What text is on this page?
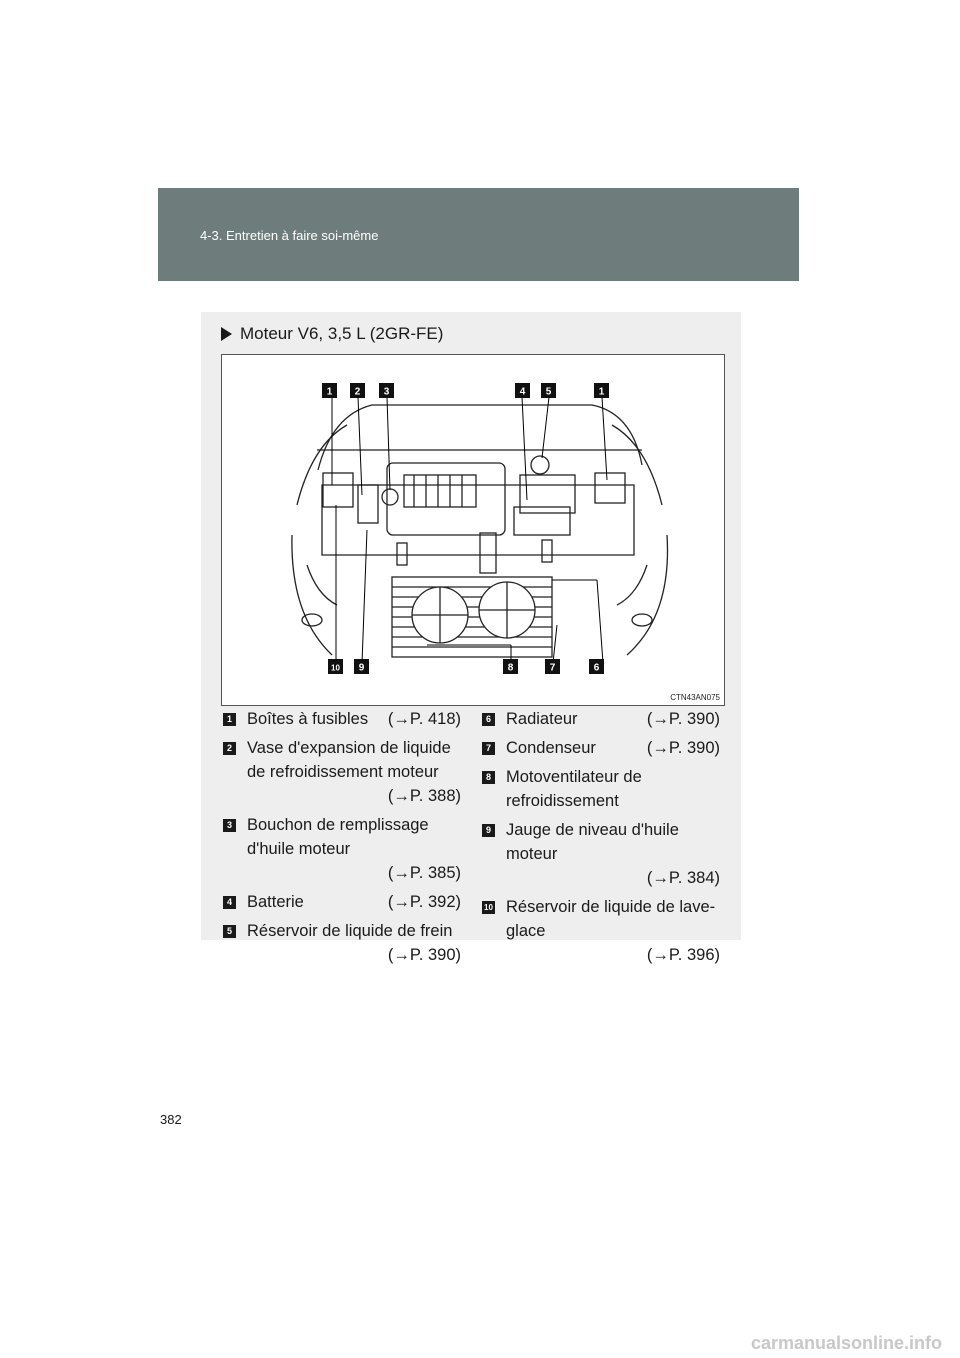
4-3. Entretien à faire soi-même
Moteur V6, 3,5 L (2GR-FE)
1 2 3	4 5	1
10 9	8	7	6
CTN43AN075
1 Boîtes à fusibles (→P. 418)
2 Vase d'expansion de liquide de refroidissement moteur
(→P. 388)
3 Bouchon de remplissage d'huile moteur
(→P. 385)
4 Batterie	(→P. 392)
5 Réservoir de liquide de frein
(→P. 390)
6 Radiateur	(→P. 390)
7 Condenseur	(→P. 390)
8 Motoventilateur de refroidissement
9 Jauge de niveau d'huile moteur
(→P. 384)
10 Réservoir de liquide de lave-glace
(→P. 396)
382
carmanualsonline.info
